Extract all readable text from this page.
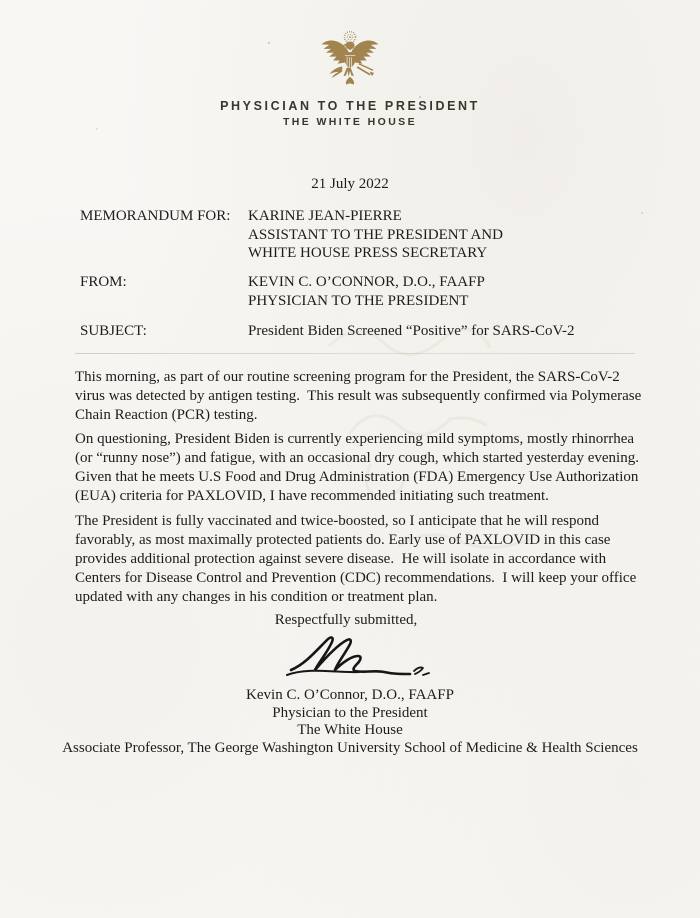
PHYSICIAN TO THE PRESIDENT
THE WHITE HOUSE
21 July 2022
MEMORANDUM FOR:	KARINE JEAN-PIERRE
ASSISTANT TO THE PRESIDENT AND
WHITE HOUSE PRESS SECRETARY
FROM:	KEVIN C. O’CONNOR, D.O., FAAFP
PHYSICIAN TO THE PRESIDENT
SUBJECT:	President Biden Screened “Positive” for SARS-CoV-2

This morning, as part of our routine screening program for the President, the SARS-CoV-2 virus was detected by antigen testing.  This result was subsequently confirmed via Polymerase Chain Reaction (PCR) testing.

On questioning, President Biden is currently experiencing mild symptoms, mostly rhinorrhea (or “runny nose”) and fatigue, with an occasional dry cough, which started yesterday evening. Given that he meets U.S Food and Drug Administration (FDA) Emergency Use Authorization (EUA) criteria for PAXLOVID, I have recommended initiating such treatment.

The President is fully vaccinated and twice-boosted, so I anticipate that he will respond favorably, as most maximally protected patients do. Early use of PAXLOVID in this case provides additional protection against severe disease.  He will isolate in accordance with Centers for Disease Control and Prevention (CDC) recommendations.  I will keep your office updated with any changes in his condition or treatment plan.

Respectfully submitted,
Kevin C. O’Connor, D.O., FAAFP
Physician to the President
The White House
Associate Professor, The George Washington University School of Medicine & Health Sciences
